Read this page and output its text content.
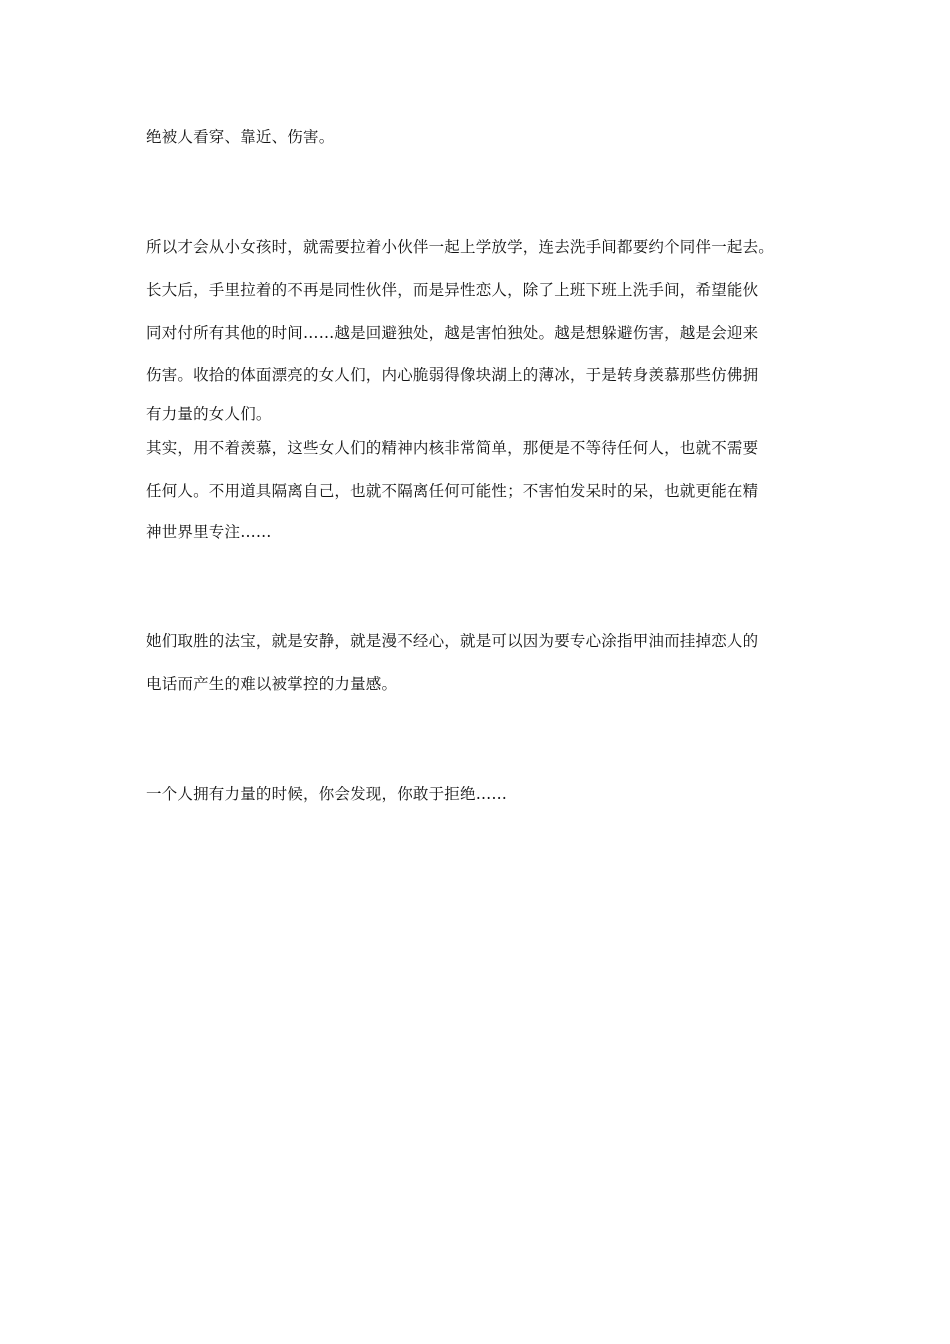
绝被人看穿、靠近、伤害。
所以才会从小女孩时，就需要拉着小伙伴一起上学放学，连去洗手间都要约个同伴一起去。
长大后，手里拉着的不再是同性伙伴，而是异性恋人，除了上班下班上洗手间，希望能伙
同对付所有其他的时间……越是回避独处，越是害怕独处。越是想躲避伤害，越是会迎来
伤害。收拾的体面漂亮的女人们，内心脆弱得像块湖上的薄冰，于是转身羡慕那些仿佛拥
有力量的女人们。
其实，用不着羡慕，这些女人们的精神内核非常简单，那便是不等待任何人，也就不需要
任何人。不用道具隔离自己，也就不隔离任何可能性；不害怕发呆时的呆，也就更能在精
神世界里专注……
她们取胜的法宝，就是安静，就是漫不经心，就是可以因为要专心涂指甲油而挂掉恋人的
电话而产生的难以被掌控的力量感。
一个人拥有力量的时候，你会发现，你敢于拒绝……
